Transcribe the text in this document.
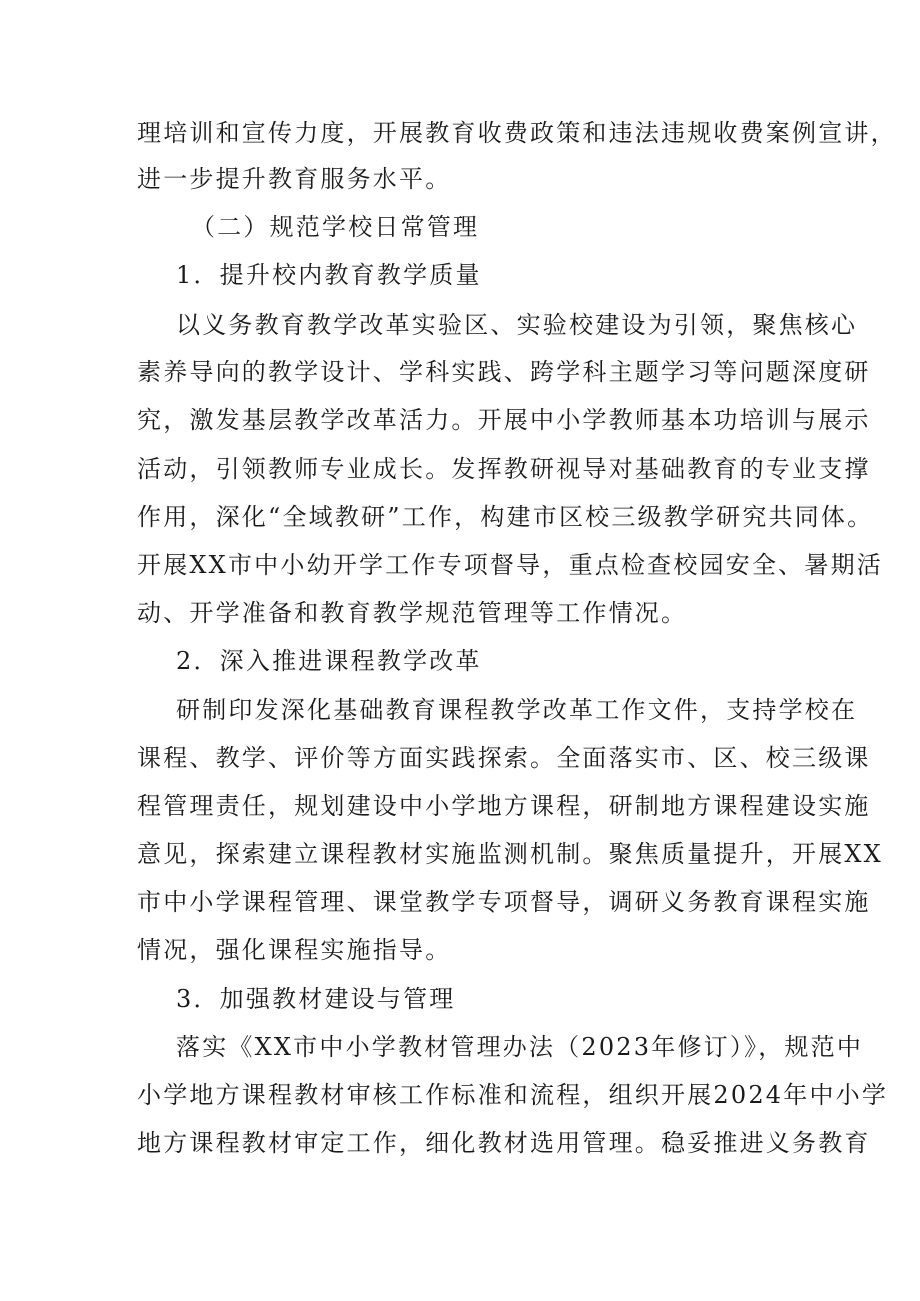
理培训和宣传力度，开展教育收费政策和违法违规收费案例宣讲，
进一步提升教育服务水平。
（二）规范学校日常管理
1．提升校内教育教学质量
以义务教育教学改革实验区、实验校建设为引领，聚焦核心
素养导向的教学设计、学科实践、跨学科主题学习等问题深度研
究，激发基层教学改革活力。开展中小学教师基本功培训与展示
活动，引领教师专业成长。发挥教研视导对基础教育的专业支撑
作用，深化“全域教研”工作，构建市区校三级教学研究共同体。
开展XX市中小幼开学工作专项督导，重点检查校园安全、暑期活
动、开学准备和教育教学规范管理等工作情况。
2．深入推进课程教学改革
研制印发深化基础教育课程教学改革工作文件，支持学校在
课程、教学、评价等方面实践探索。全面落实市、区、校三级课
程管理责任，规划建设中小学地方课程，研制地方课程建设实施
意见，探索建立课程教材实施监测机制。聚焦质量提升，开展XX
市中小学课程管理、课堂教学专项督导，调研义务教育课程实施
情况，强化课程实施指导。
3．加强教材建设与管理
落实《XX市中小学教材管理办法（2023年修订）》，规范中
小学地方课程教材审核工作标准和流程，组织开展2024年中小学
地方课程教材审定工作，细化教材选用管理。稳妥推进义务教育
